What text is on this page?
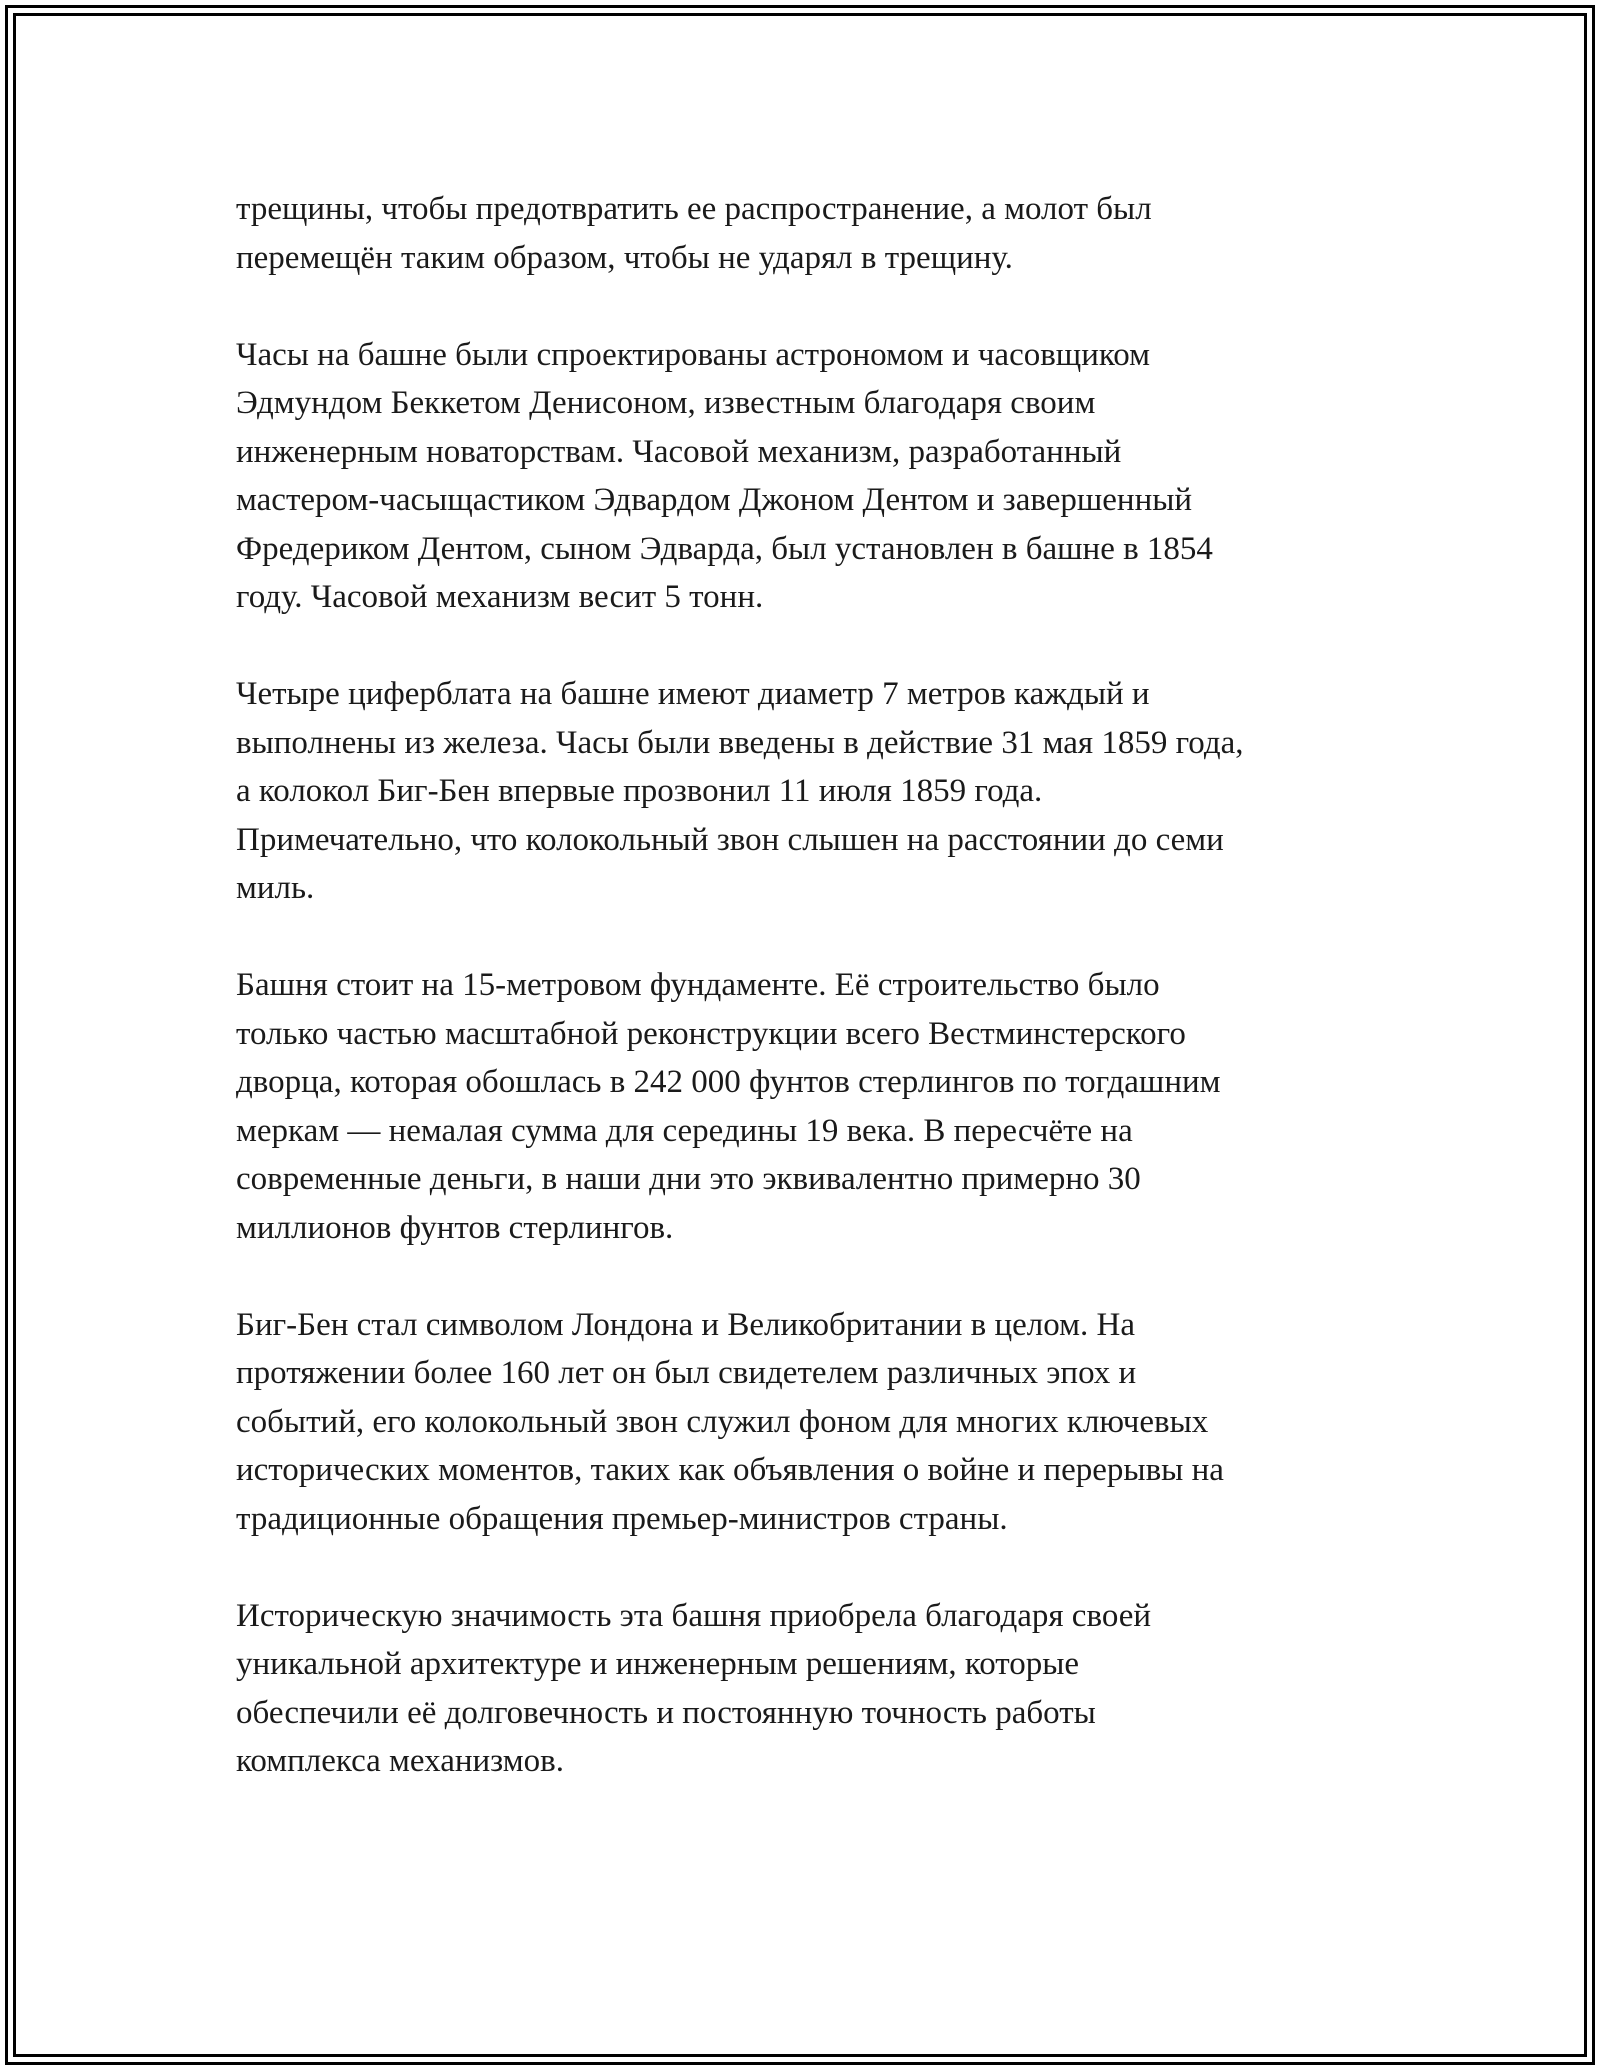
трещины, чтобы предотвратить ее распространение, а молот был
перемещён таким образом, чтобы не ударял в трещину.

Часы на башне были спроектированы астрономом и часовщиком
Эдмундом Беккетом Денисоном, известным благодаря своим
инженерным новаторствам. Часовой механизм, разработанный
мастером-часыщастиком Эдвардом Джоном Дентом и завершенный
Фредериком Дентом, сыном Эдварда, был установлен в башне в 1854
году. Часовой механизм весит 5 тонн.

Четыре циферблата на башне имеют диаметр 7 метров каждый и
выполнены из железа. Часы были введены в действие 31 мая 1859 года,
а колокол Биг-Бен впервые прозвонил 11 июля 1859 года.
Примечательно, что колокольный звон слышен на расстоянии до семи
миль.

Башня стоит на 15-метровом фундаменте. Её строительство было
только частью масштабной реконструкции всего Вестминстерского
дворца, которая обошлась в 242 000 фунтов стерлингов по тогдашним
меркам — немалая сумма для середины 19 века. В пересчёте на
современные деньги, в наши дни это эквивалентно примерно 30
миллионов фунтов стерлингов.

Биг-Бен стал символом Лондона и Великобритании в целом. На
протяжении более 160 лет он был свидетелем различных эпох и
событий, его колокольный звон служил фоном для многих ключевых
исторических моментов, таких как объявления о войне и перерывы на
традиционные обращения премьер-министров страны.

Историческую значимость эта башня приобрела благодаря своей
уникальной архитектуре и инженерным решениям, которые
обеспечили её долговечность и постоянную точность работы
комплекса механизмов.
